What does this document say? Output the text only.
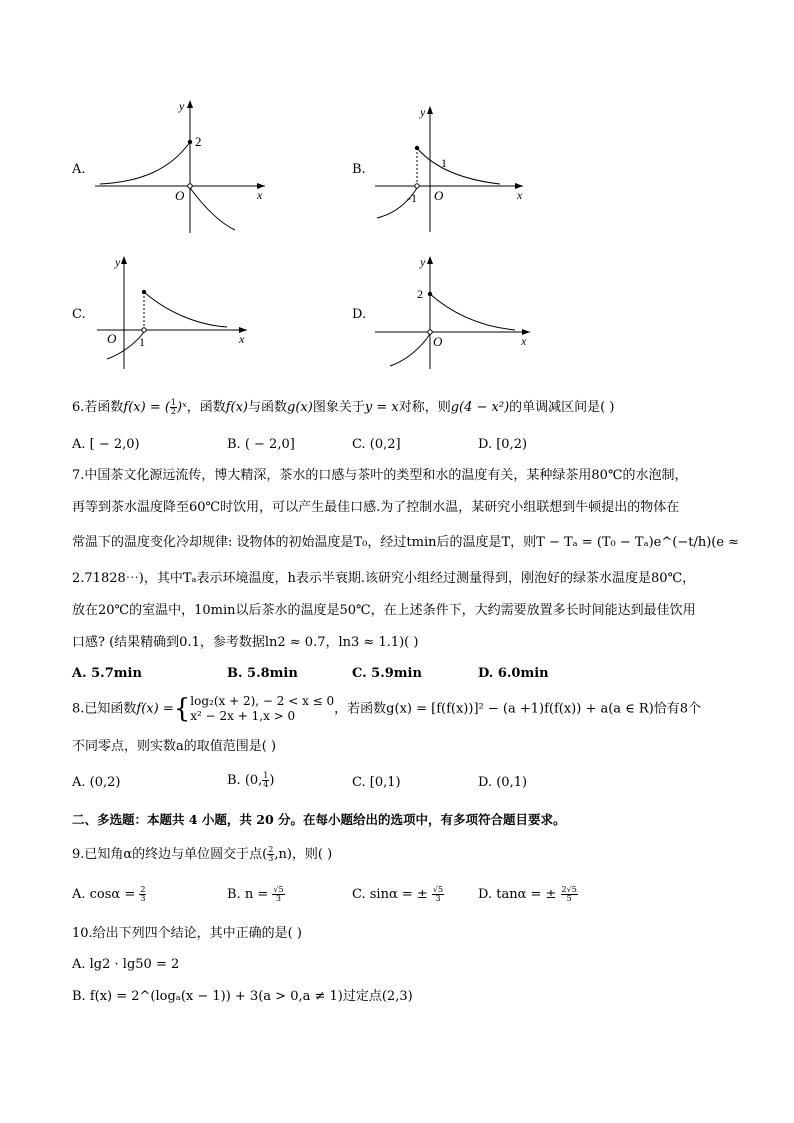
A.
2
O	x
y
B.	1
-1 O	x
y
C.
O 1	x
y
D.
2
O	x
y
6.若函数f(x) = ( $\frac{1}{2}$ )ˣ，函数f(x)与函数g(x)图象关于y = x对称，则g(4 − x²)的单调减区间是( )
A. [ − 2,0)	B. ( − 2,0]	C. (0,2]	D. [0,2)
7.中国茶文化源远流传，博大精深，茶水的口感与茶叶的类型和水的温度有关，某种绿茶用80℃的水泡制，
再等到茶水温度降至60℃时饮用，可以产生最佳口感.为了控制水温，某研究小组联想到牛顿提出的物体在
常温下的温度变化冷却规律: 设物体的初始温度是T₀，经过tmin后的温度是T，则T − Tₐ = (T₀ − Tₐ)e^(−t/h)(e ≈
2.71828⋯)，其中Tₐ表示环境温度，h表示半衰期.该研究小组经过测量得到，刚泡好的绿茶水温度是80℃，
放在20℃的室温中，10min以后茶水的温度是50℃，在上述条件下，大约需要放置多长时间能达到最佳饮用
口感? (结果精确到0.1，参考数据ln2 ≈ 0.7，ln3 ≈ 1.1)( )
A. 5.7min	B. 5.8min	C. 5.9min	D. 6.0min
8.已知函数f(x) ={ log₂(x + 2), − 2 < x ≤ 0
x² − 2x + 1,x > 0	，若函数g(x) = [f(f(x))]² − (a +1)f(f(x)) + a(a ∈ R)恰有8个
不同零点，则实数a的取值范围是( )
A. (0,2)	B. (0, $\frac{1}{4}$ )	C. [0,1)	D. (0,1)
二、多选题：本题共 4 小题，共 20 分。在每小题给出的选项中，有多项符合题目要求。
9.已知角α的终边与单位圆交于点( $\frac{2}{3} ,n$)，则( )
A. $\cos\alpha = \frac{2}{3}$	B. $n = \frac{√5}{3}$	C. sinα = ± $\frac{√5}{3}$	D. tanα = ± $\frac{2√5}{5}$
10.给出下列四个结论，其中正确的是( )
A. lg2 · lg50 = 2
B. f(x) = 2^(logₐ(x − 1)) + 3(a > 0,a ≠ 1)过定点(2,3)
